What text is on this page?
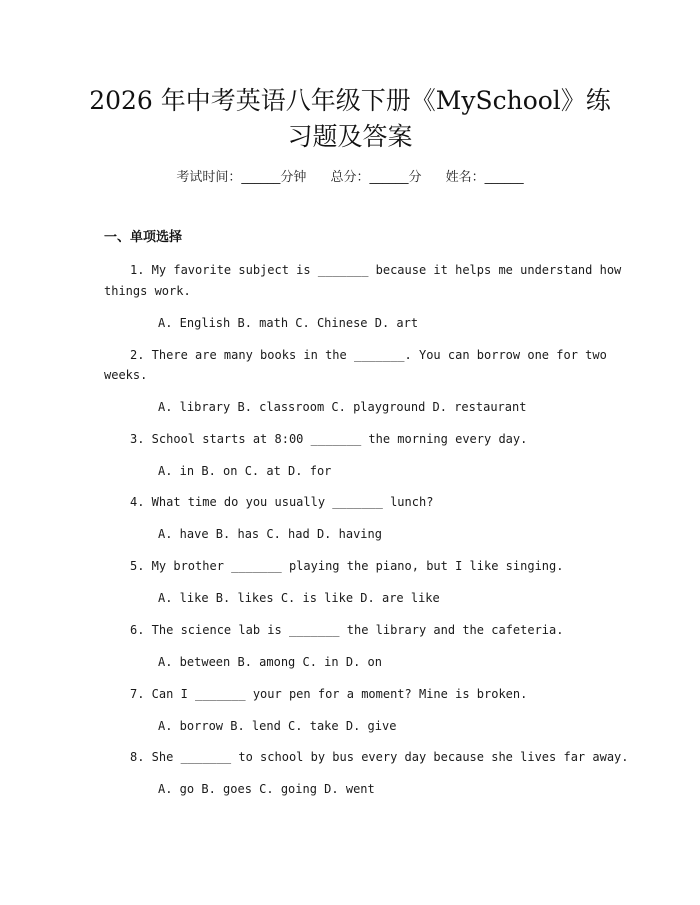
2026 年中考英语八年级下册《MySchool》练
习题及答案
考试时间：______分钟 总分：______分 姓名：______
一、单项选择
1. My favorite subject is _______ because it helps me understand how
things work.
A. English B. math C. Chinese D. art
2. There are many books in the _______. You can borrow one for two
weeks.
A. library B. classroom C. playground D. restaurant
3. School starts at 8:00 _______ the morning every day.
A. in B. on C. at D. for
4. What time do you usually _______ lunch?
A. have B. has C. had D. having
5. My brother _______ playing the piano, but I like singing.
A. like B. likes C. is like D. are like
6. The science lab is _______ the library and the cafeteria.
A. between B. among C. in D. on
7. Can I _______ your pen for a moment? Mine is broken.
A. borrow B. lend C. take D. give
8. She _______ to school by bus every day because she lives far away.
A. go B. goes C. going D. went
